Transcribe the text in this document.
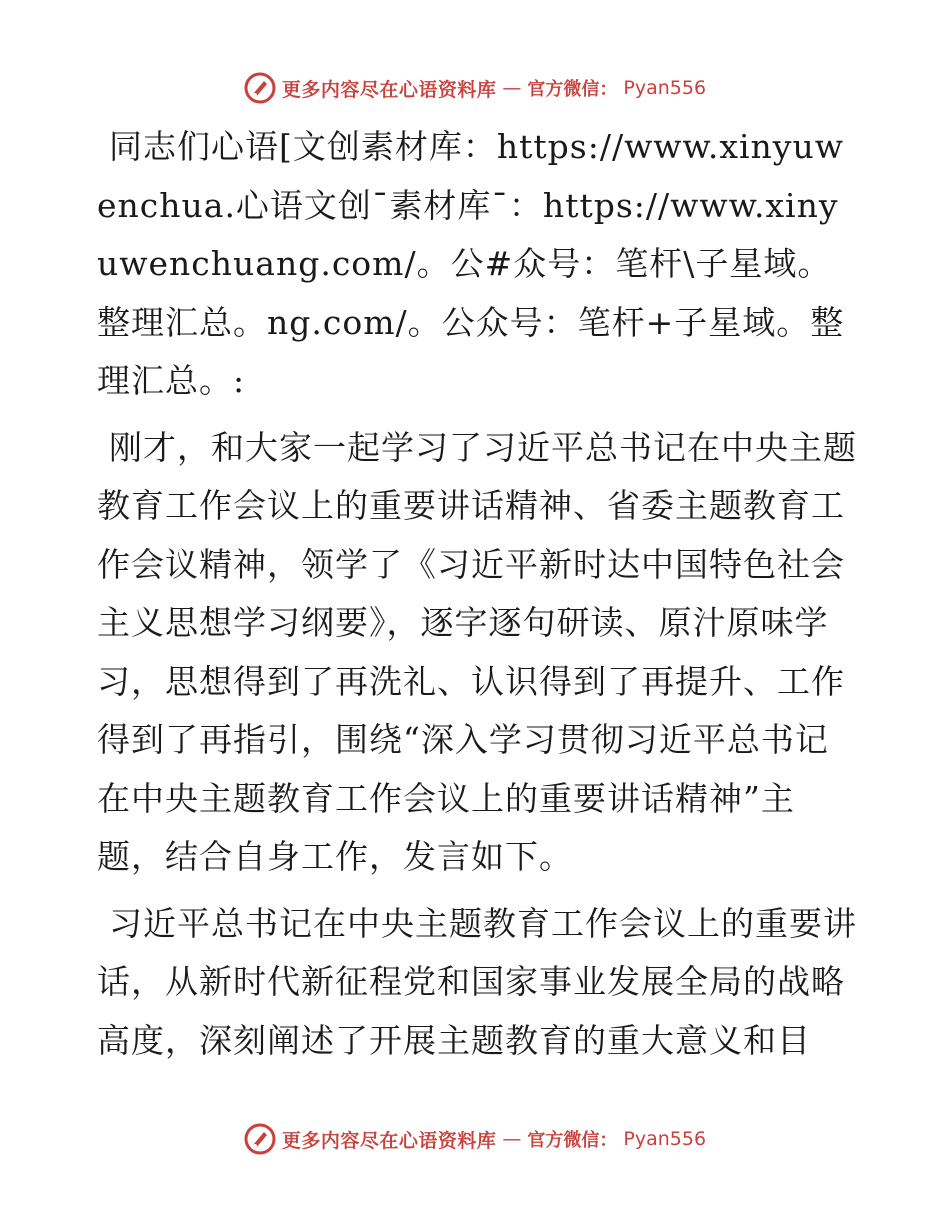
更多内容尽在心语资料库 — 官方微信： Pyan556

同志们心语[文创素材库：https://www.xinyuwenchua.心语文创¯素材库¯：https://www.xinyuwenchuang.com/。公#众号：笔杆\子星域。整理汇总。ng.com/。公众号：笔杆+子星域。整理汇总。:

刚才，和大家一起学习了习近平总书记在中央主题教育工作会议上的重要讲话精神、省委主题教育工作会议精神，领学了《习近平新时达中国特色社会主义思想学习纲要》，逐字逐句研读、原汁原味学习，思想得到了再洗礼、认识得到了再提升、工作得到了再指引，围绕“深入学习贯彻习近平总书记在中央主题教育工作会议上的重要讲话精神”主题，结合自身工作，发言如下。

习近平总书记在中央主题教育工作会议上的重要讲话，从新时代新征程党和国家事业发展全局的战略高度，深刻阐述了开展主题教育的重大意义和目

更多内容尽在心语资料库 — 官方微信： Pyan556
